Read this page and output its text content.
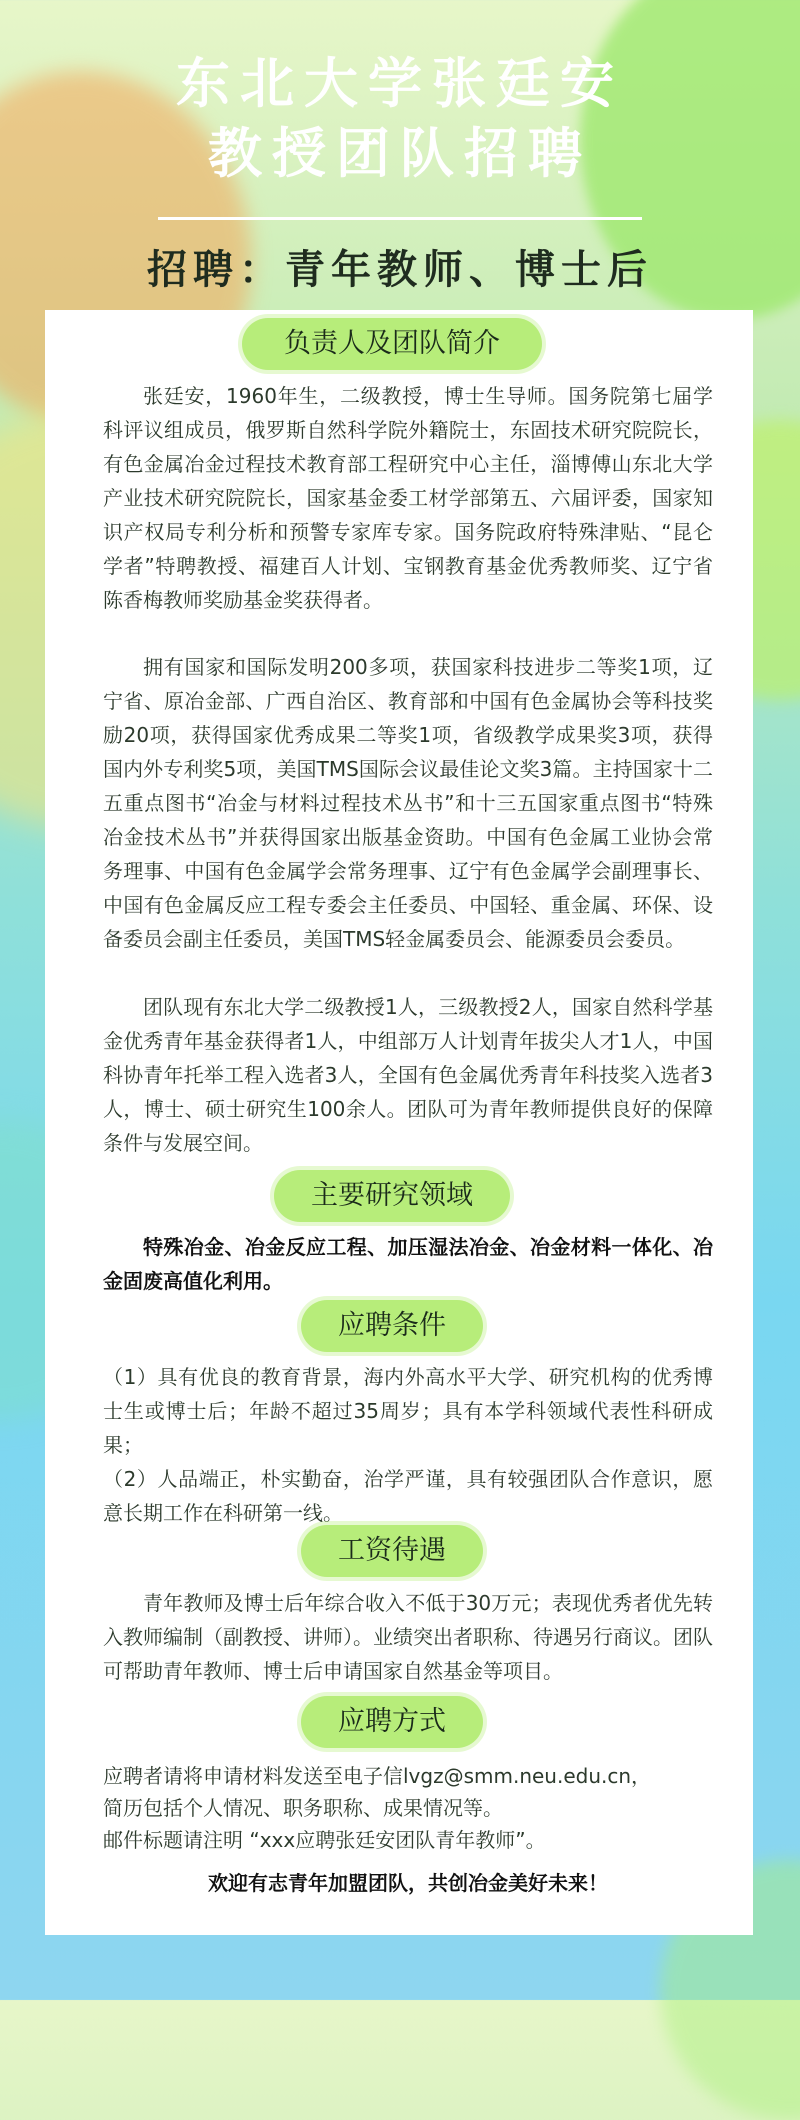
东北大学张廷安
教授团队招聘
招聘：青年教师、博士后
负责人及团队简介

张廷安，1960年生，二级教授，博士生导师。国务院第七届学科评议组成员，俄罗斯自然科学院外籍院士，东固技术研究院院长，有色金属冶金过程技术教育部工程研究中心主任，淄博傅山东北大学产业技术研究院院长，国家基金委工材学部第五、六届评委，国家知识产权局专利分析和预警专家库专家。国务院政府特殊津贴、“昆仑学者”特聘教授、福建百人计划、宝钢教育基金优秀教师奖、辽宁省陈香梅教师奖励基金奖获得者。

拥有国家和国际发明200多项，获国家科技进步二等奖1项，辽宁省、原冶金部、广西自治区、教育部和中国有色金属协会等科技奖励20项，获得国家优秀成果二等奖1项，省级教学成果奖3项，获得国内外专利奖5项，美国TMS国际会议最佳论文奖3篇。主持国家十二五重点图书“冶金与材料过程技术丛书”和十三五国家重点图书“特殊冶金技术丛书”并获得国家出版基金资助。中国有色金属工业协会常务理事、中国有色金属学会常务理事、辽宁有色金属学会副理事长、中国有色金属反应工程专委会主任委员、中国轻、重金属、环保、设备委员会副主任委员，美国TMS轻金属委员会、能源委员会委员。

团队现有东北大学二级教授1人，三级教授2人，国家自然科学基金优秀青年基金获得者1人，中组部万人计划青年拔尖人才1人，中国科协青年托举工程入选者3人，全国有色金属优秀青年科技奖入选者3人，博士、硕士研究生100余人。团队可为青年教师提供良好的保障条件与发展空间。

主要研究领域

特殊冶金、冶金反应工程、加压湿法冶金、冶金材料一体化、冶金固废高值化利用。

应聘条件

（1）具有优良的教育背景，海内外高水平大学、研究机构的优秀博士生或博士后；年龄不超过35周岁；具有本学科领域代表性科研成果；

（2）人品端正，朴实勤奋，治学严谨，具有较强团队合作意识，愿意长期工作在科研第一线。

工资待遇

青年教师及博士后年综合收入不低于30万元；表现优秀者优先转入教师编制（副教授、讲师）。业绩突出者职称、待遇另行商议。团队可帮助青年教师、博士后申请国家自然基金等项目。

应聘方式

应聘者请将申请材料发送至电子信lvgz@smm.neu.edu.cn，

简历包括个人情况、职务职称、成果情况等。

邮件标题请注明 “xxx应聘张廷安团队青年教师”。

欢迎有志青年加盟团队，共创冶金美好未来！
